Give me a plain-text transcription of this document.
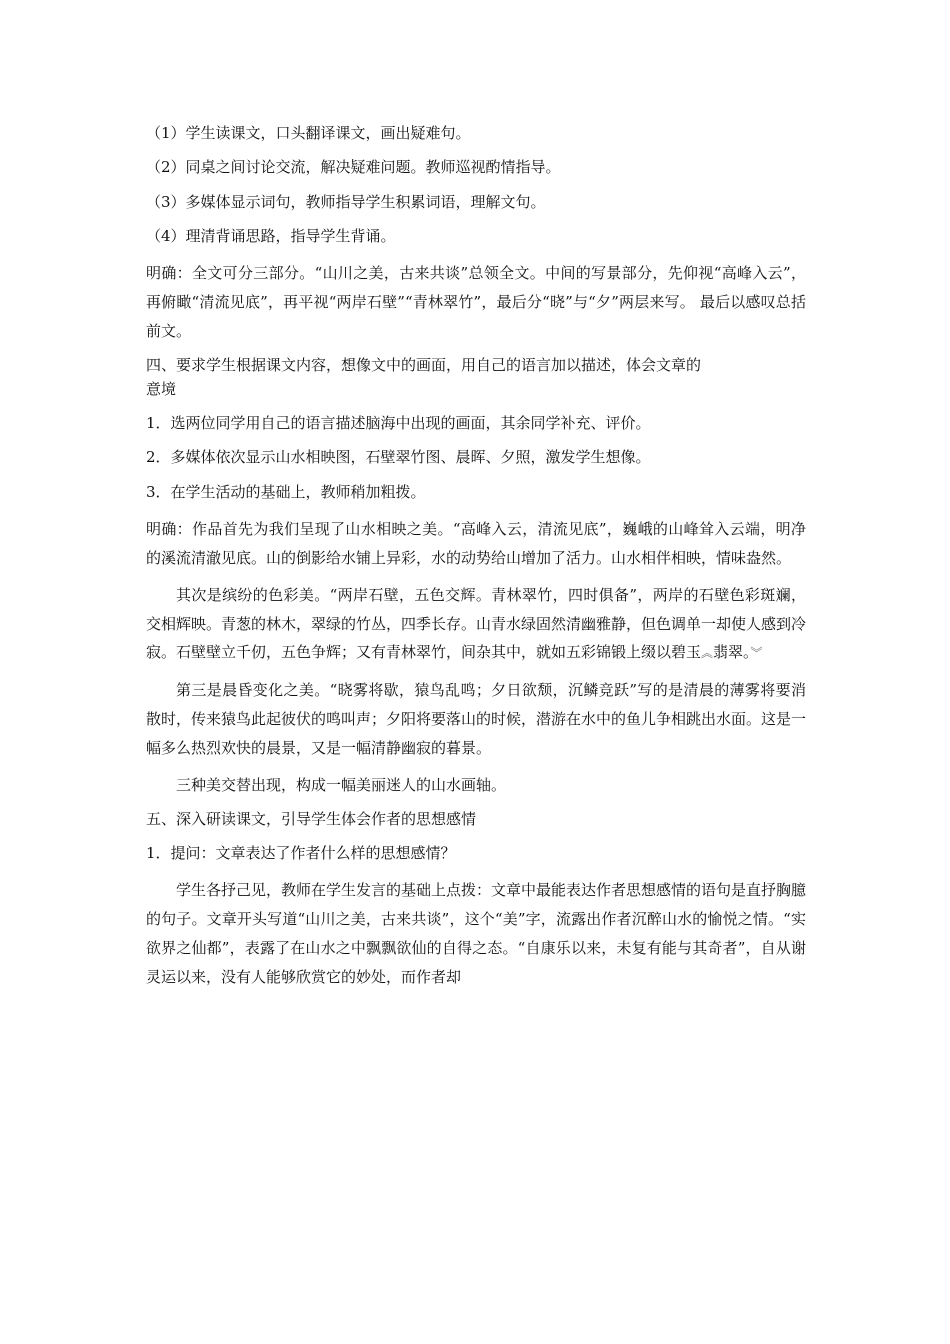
（1）学生读课文，口头翻译课文，画出疑难句。

（2）同桌之间讨论交流，解决疑难问题。教师巡视酌情指导。

（3）多媒体显示词句，教师指导学生积累词语，理解文句。

（4）理清背诵思路，指导学生背诵。

明确：全文可分三部分。“山川之美，古来共谈”总领全文。中间的写景部分，先仰视“高峰入云”，再俯瞰“清流见底”，再平视“两岸石壁”“青林翠竹”，最后分“晓”与“夕”两层来写。 最后以感叹总括前文。

四、要求学生根据课文内容，想像文中的画面，用自己的语言加以描述，体会文章的

意境

1．选两位同学用自己的语言描述脑海中出现的画面，其余同学补充、评价。

2．多媒体依次显示山水相映图，石壁翠竹图、晨晖、夕照，激发学生想像。

3．在学生活动的基础上，教师稍加粗拨。

明确：作品首先为我们呈现了山水相映之美。“高峰入云，清流见底”，巍峨的山峰耸入云端，明净的溪流清澈见底。山的倒影给水铺上异彩，水的动势给山增加了活力。山水相伴相映，情味盎然。

其次是缤纷的色彩美。“两岸石壁，五色交辉。青林翠竹，四时俱备”，两岸的石壁色彩斑斓，交相辉映。青葱的林木，翠绿的竹丛，四季长存。山青水绿固然清幽雅静，但色调单一却使人感到冷寂。石壁壁立千仞，五色争辉；又有青林翠竹，间杂其中，就如五彩锦锻上缀以碧玉︽翡翠。︾

第三是晨昏变化之美。“晓雾将歇，猿鸟乱鸣；夕日欲颓，沉鳞竞跃”写的是清晨的薄雾将要消散时，传来猿鸟此起彼伏的鸣叫声；夕阳将要落山的时候，潜游在水中的鱼儿争相跳出水面。这是一幅多么热烈欢快的晨景，又是一幅清静幽寂的暮景。

三种美交替出现，构成一幅美丽迷人的山水画轴。

五、深入研读课文，引导学生体会作者的思想感情

1．提问：文章表达了作者什么样的思想感情？

学生各抒己见，教师在学生发言的基础上点拨：文章中最能表达作者思想感情的语句是直抒胸臆的句子。文章开头写道“山川之美，古来共谈”，这个“美”字，流露出作者沉醉山水的愉悦之情。“实欲界之仙都”，表露了在山水之中飘飘欲仙的自得之态。“自康乐以来，未复有能与其奇者”，自从谢灵运以来，没有人能够欣赏它的妙处，而作者却
